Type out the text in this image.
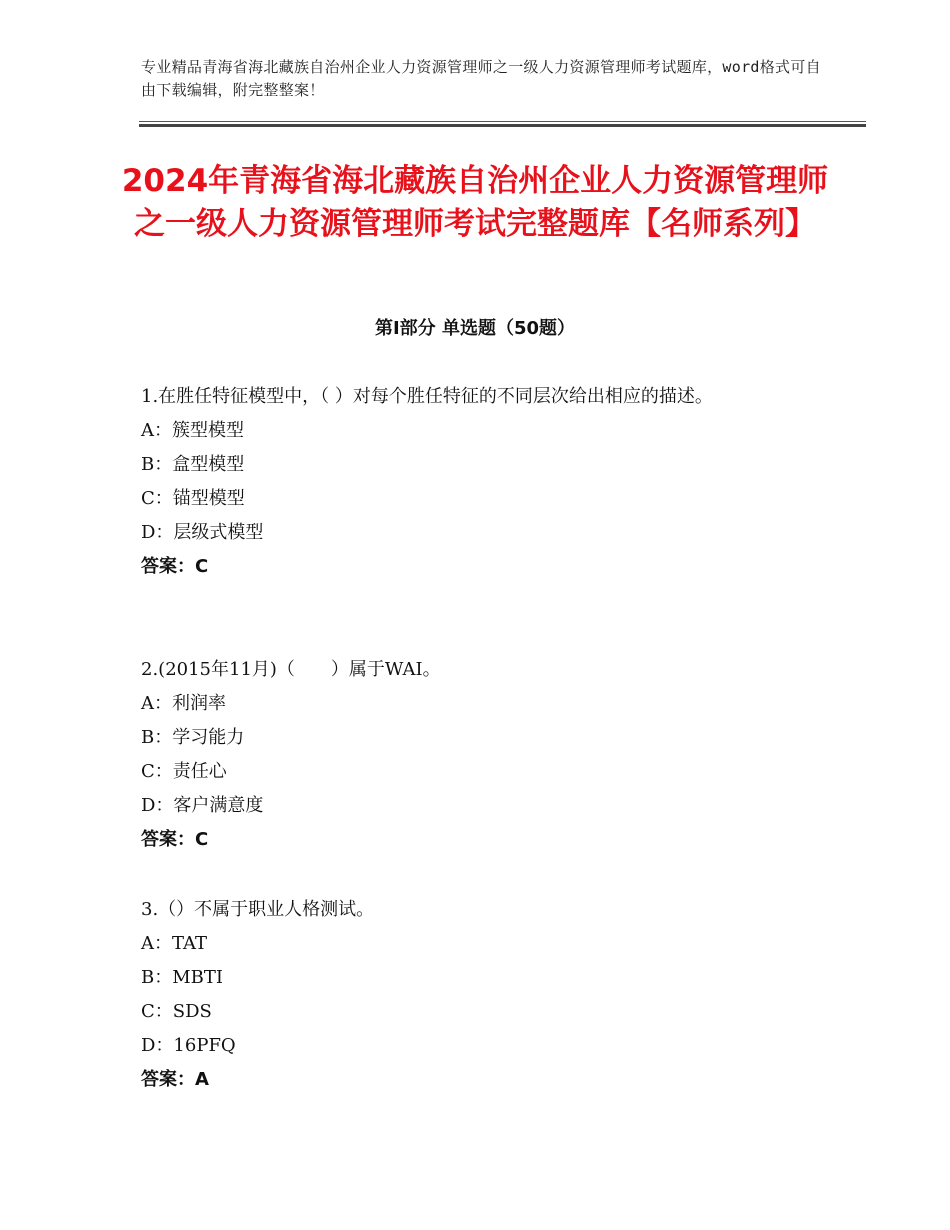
专业精品青海省海北藏族自治州企业人力资源管理师之一级人力资源管理师考试题库，word格式可自由下载编辑，附完整整案！
2024年青海省海北藏族自治州企业人力资源管理师之一级人力资源管理师考试完整题库【名师系列】
第Ⅰ部分 单选题（50题）

1.在胜任特征模型中，（ ）对每个胜任特征的不同层次给出相应的描述。

A：簇型模型

B：盒型模型

C：锚型模型

D：层级式模型

答案：C

2.(2015年11月)（　　）属于WAI。

A：利润率

B：学习能力

C：责任心

D：客户满意度

答案：C

3.（）不属于职业人格测试。

A：TAT

B：MBTI

C：SDS

D：16PFQ

答案：A
